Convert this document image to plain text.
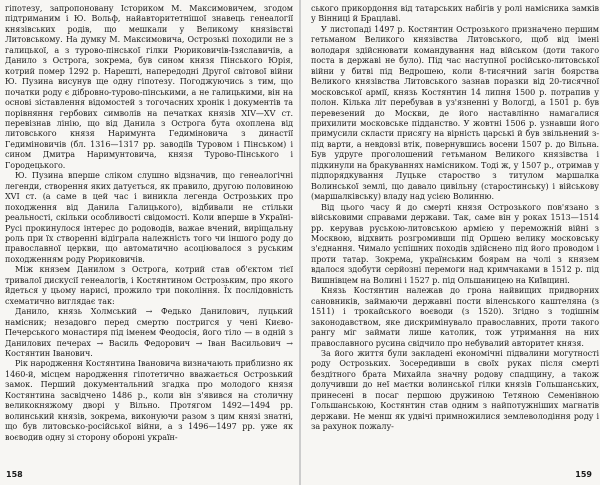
гіпотезу, запропоновану Істориком М. Максимовичем, згодом підтриманим і Ю. Вольф, найавторитетнішої знавець генеалогії князівських родів, що мешкали у Великому князівстві Литовському. На думку М. Максимовича, Острозькі походили не з галицької, а з турово-пінської гілки Рюриковичів-Ізяславичів, а Данило з Острога, зокрема, був сином князя Пінського Юрія, котрий помер 1292 р. Нарешті, напередодні Другої світової війни Ю. Пузина висунув ще одну гіпотезу. Погоджуючись з тим, що початки роду є дібровно-турово-пінськими, а не галицькими, він на основі зіставлення відомостей з тогочасних хронік і документів та порівняння гербових символів на печатках князів XIV—XV ст. перевізнав лінію, що від Данила з Острога бута охоплена від литовського князя Наримунта Гедиміновича з династії Гедиміновичів (бл. 1316—1317 рр. заводіїв Туровом і Пінськом) і сином Дмитра Наримунтовича, князя Турово-Пінського і Городецького.

Ю. Пузина вперше сліком слушно відзначив, що генеалогічні легенди, створення яких датується, як правило, другою половиною XVI ст. (а саме в цей час і виникла легенда Острозьких про походження від Данила Галицького), відбивали не стільки реальності, скільки особливості свідомості. Коли вперше в Україні-Русі прокинулося інтерес до родоводів, важае вчений, виріщальну роль при їх створенні відіграла належність того чи іншого роду до православної церкви, що автоматично асоціювалося з руським походженням роду Рюриковичів.

Між князем Данилом з Острога, котрий став об'єктом тієї тривалої дискусії генеалогів, і Костянтином Острозьким, про якого йдеться у цьому нарисі, прожило три покоління. Їх послідовність схематично виглядає так:

Данило, князь Холмський → Федько Данилович, луцький намісник; незадовго перед смертю постригся у чені Києво-Печерського монастиря під іменем Феодосія, його тіло — в одній з Данилових печерах → Василь Федорович → Іван Васильович → Костянтин Іванович.

Рік народження Костянтина Івановича визначають приблизно як 1460-й, місцем народження гіпотетично вважається Острозький замок. Перший документальний згадка про молодого князя Костянтина засвідчено 1486 р., коли він з'явився на столичну великокняжому дворі у Вільно. Протягом 1492—1494 рр. волинський князів, зокрема, виконуючи разом з цим князі знатні, що був литовсько-російської війни, а з 1496—1497 рр. уже як воєводив одну зі сторону обороні україн-

ського прикордоння від татарських набігів у ролі намісника замків у Вінниці й Брацлаві.

У листопаді 1497 р. Костянтин Острозького призначено першим гетьманом Великого князівства Литовського, щоб від імені володаря здійснювати командування над військом (доти такого поста в державі не було). Під час наступної російсько-литовської війни у битві під Ведрошею, коли 8-тисячний загін боярства Великого князівства Литовського зазнав поразки від 20-тисячної московської армії, князь Костянтин 14 липня 1500 р. потрапив у полон. Кілька літ перебував в уз'язненні у Вологді, а 1501 р. був перевезений до Москви, де його наставлінно намагалися прихилити московське підданство. У жовтні 1506 р. узнавши його примусили скласти присягу на вірність царські й був звільнений з-під варти, а невдовзі втік, повернувшись восени 1507 р. до Вільна. Був удруге проголошений гетьманом Великого князівства і підкинули на бракуваннях намісником. Тоді ж, у 1507 р., отримав у підпорядкування Луцьке староство з титулом маршалка Волинської землі, що давало цивільну (старостинську) і військову (маршалківську) владу над усією Волинню.

Від цього часу й до смерті князя Острозького пов'язано з військовими справами держави. Так, саме він у роках 1513—1514 рр. керував руською-литовською армією у переможній війні з Москвою, відхвить розгромивши під Оршею велику московську з'єднання. Чимало успішних походів здійснено під його проводом і проти татар. Зокрема, українським боярам на чолі з князем вдалося здобути серйозні перемоги над кримчаками в 1512 р. під Вишнівцем на Волині і 1527 р. під Ольшаницею на Київщині.

Князь Костянтин належав до грона найвищих придворних сановників, займаючи державні пости віленського каштеляна (з 1511) і трокайського воєводи (з 1520). Згідно з тодішнім законодавством, яке дискримінувало православних, проти такого рангу міг займати лише католик, тож утримання на них православного русина свідчило про небувалий авторитет князя.

За його життя були закладені економічні підвалини могутності роду Острозьких. Зосередивши в своїх руках після смерті бездітного брата Михайла значну родову спадщину, а також долучивши до неї маєтки волинської гілки князів Гольшанських, принесені в посаг першою дружиною Тетяною Семенівною Гольшанською, Костянтин став одним з найпотужніших магнатів держави. Не менш як удвічі примножилися землеволодіння роду і за рахунок пожалу-

158	159
